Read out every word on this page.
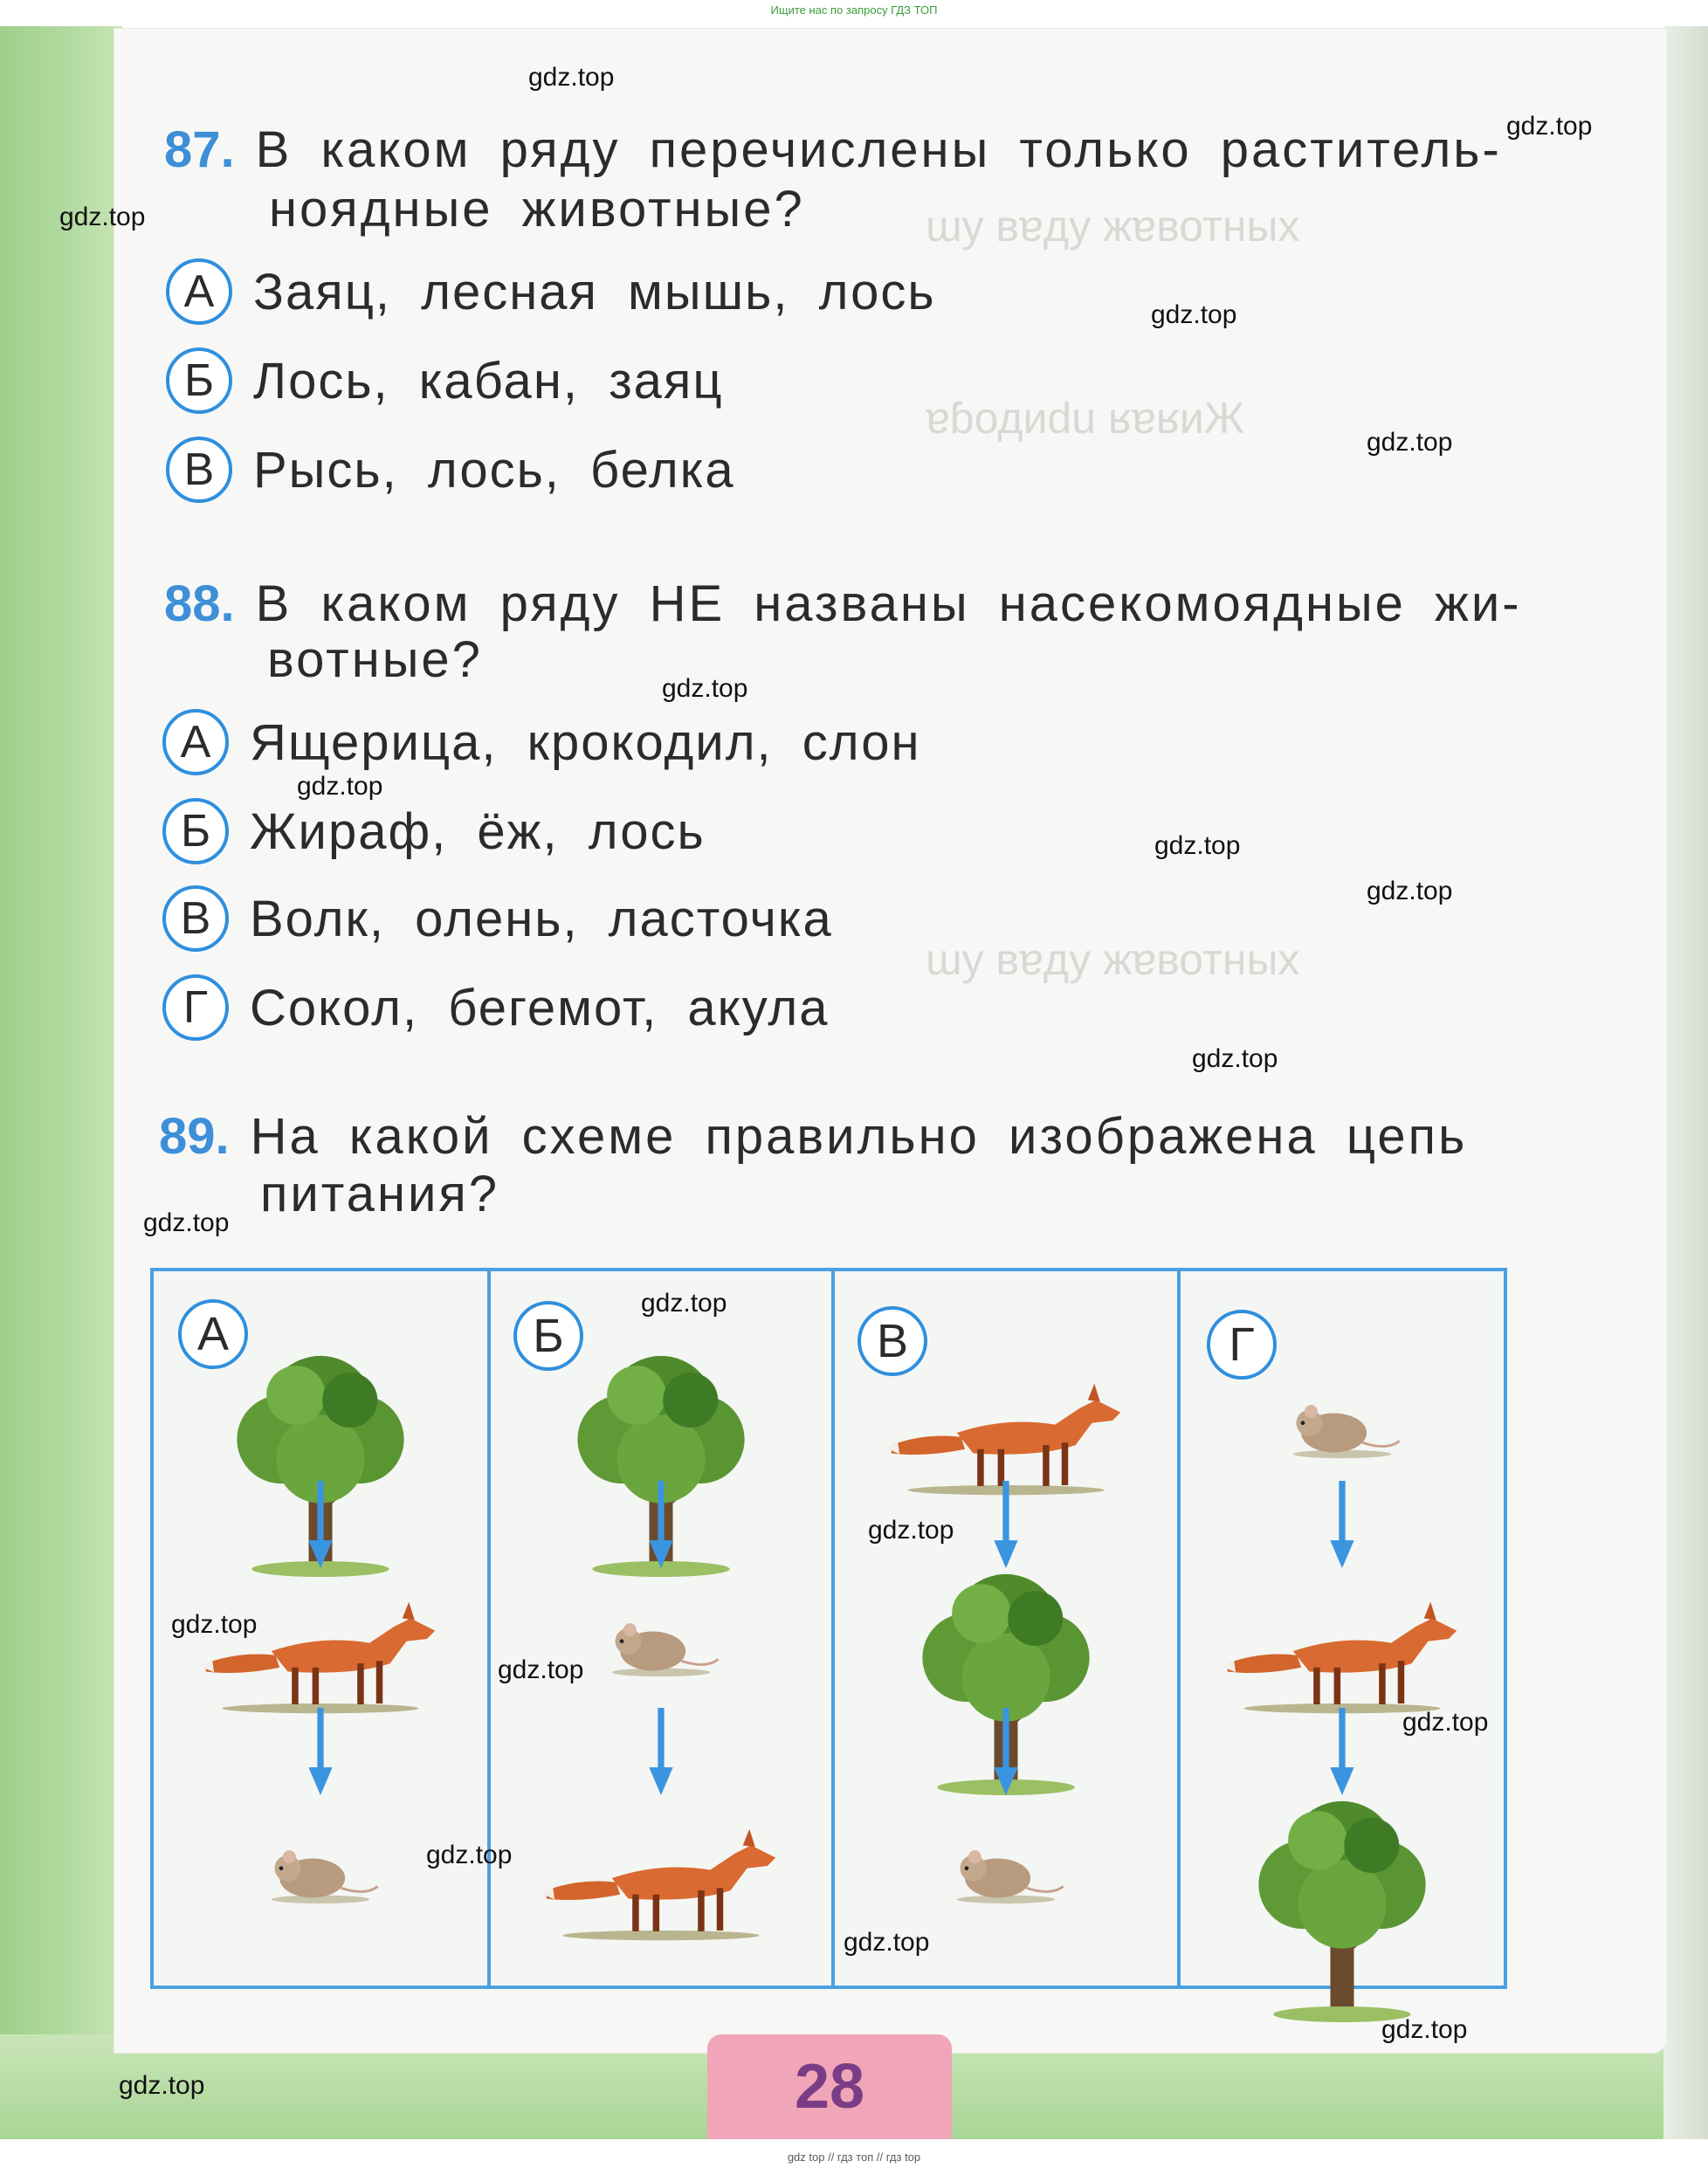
Ищите нас по запросу ГДЗ ТОП
ɯу вɐду жɐвотных
ɐɓодиdu ʁɐʁиЖ
ɯу вɐду жɐвотных
87. В каком ряду перечислены только раститель-
ноядные животные?
А Заяц, лесная мышь, лось
Б Лось, кабан, заяц
В Рысь, лось, белка
88. В каком ряду НЕ названы насекомоядные жи-
вотные?
А Ящерица, крокодил, слон
Б Жираф, ёж, лось
В Волк, олень, ласточка
Г Сокол, бегемот, акула
89. На какой схеме правильно изображена цепь
питания?
А	Б	В	Г
28
gdz.top
gdz.top
gdz.top
gdz.top
gdz.top
gdz.top
gdz.top
gdz.top
gdz.top
gdz.top
gdz.top
gdz.top
gdz.top
gdz.top
gdz.top
gdz.top
gdz.top
gdz.top
gdz.top
gdz.top
gdz top // гдз топ // гдз top
